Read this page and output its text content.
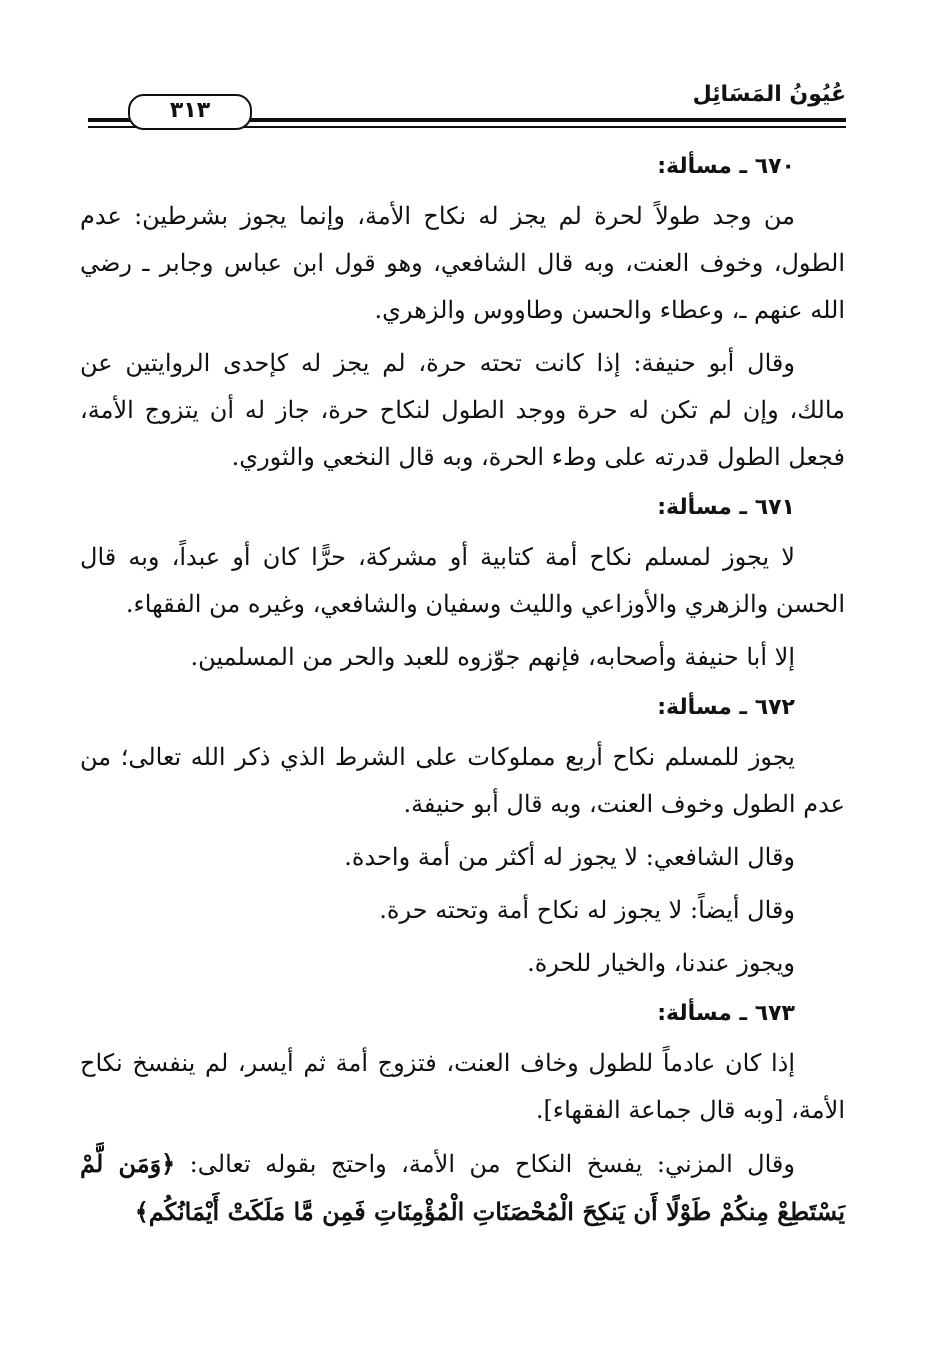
عُيُونُ المَسَائِل
٣١٣
٦٧٠ ـ مسألة:

من وجد طولاً لحرة لم يجز له نكاح الأمة، وإنما يجوز بشرطين: عدم الطول، وخوف العنت، وبه قال الشافعي، وهو قول ابن عباس وجابر ـ رضي الله عنهم ـ، وعطاء والحسن وطاووس والزهري.

وقال أبو حنيفة: إذا كانت تحته حرة، لم يجز له كإحدى الروايتين عن مالك، وإن لم تكن له حرة ووجد الطول لنكاح حرة، جاز له أن يتزوج الأمة، فجعل الطول قدرته على وطء الحرة، وبه قال النخعي والثوري.

٦٧١ ـ مسألة:

لا يجوز لمسلم نكاح أمة كتابية أو مشركة، حرًّا كان أو عبداً، وبه قال الحسن والزهري والأوزاعي والليث وسفيان والشافعي، وغيره من الفقهاء.

إلا أبا حنيفة وأصحابه، فإنهم جوّزوه للعبد والحر من المسلمين.

٦٧٢ ـ مسألة:

يجوز للمسلم نكاح أربع مملوكات على الشرط الذي ذكر الله تعالى؛ من عدم الطول وخوف العنت، وبه قال أبو حنيفة.

وقال الشافعي: لا يجوز له أكثر من أمة واحدة.

وقال أيضاً: لا يجوز له نكاح أمة وتحته حرة.

ويجوز عندنا، والخيار للحرة.

٦٧٣ ـ مسألة:

إذا كان عادماً للطول وخاف العنت، فتزوج أمة ثم أيسر، لم ينفسخ نكاح الأمة، [وبه قال جماعة الفقهاء].

وقال المزني: يفسخ النكاح من الأمة، واحتج بقوله تعالى: ﴿وَمَن لَّمْ يَسْتَطِعْ مِنكُمْ طَوْلًا أَن يَنكِحَ الْمُحْصَنَاتِ الْمُؤْمِنَاتِ فَمِن مَّا مَلَكَتْ أَيْمَانُكُم﴾
